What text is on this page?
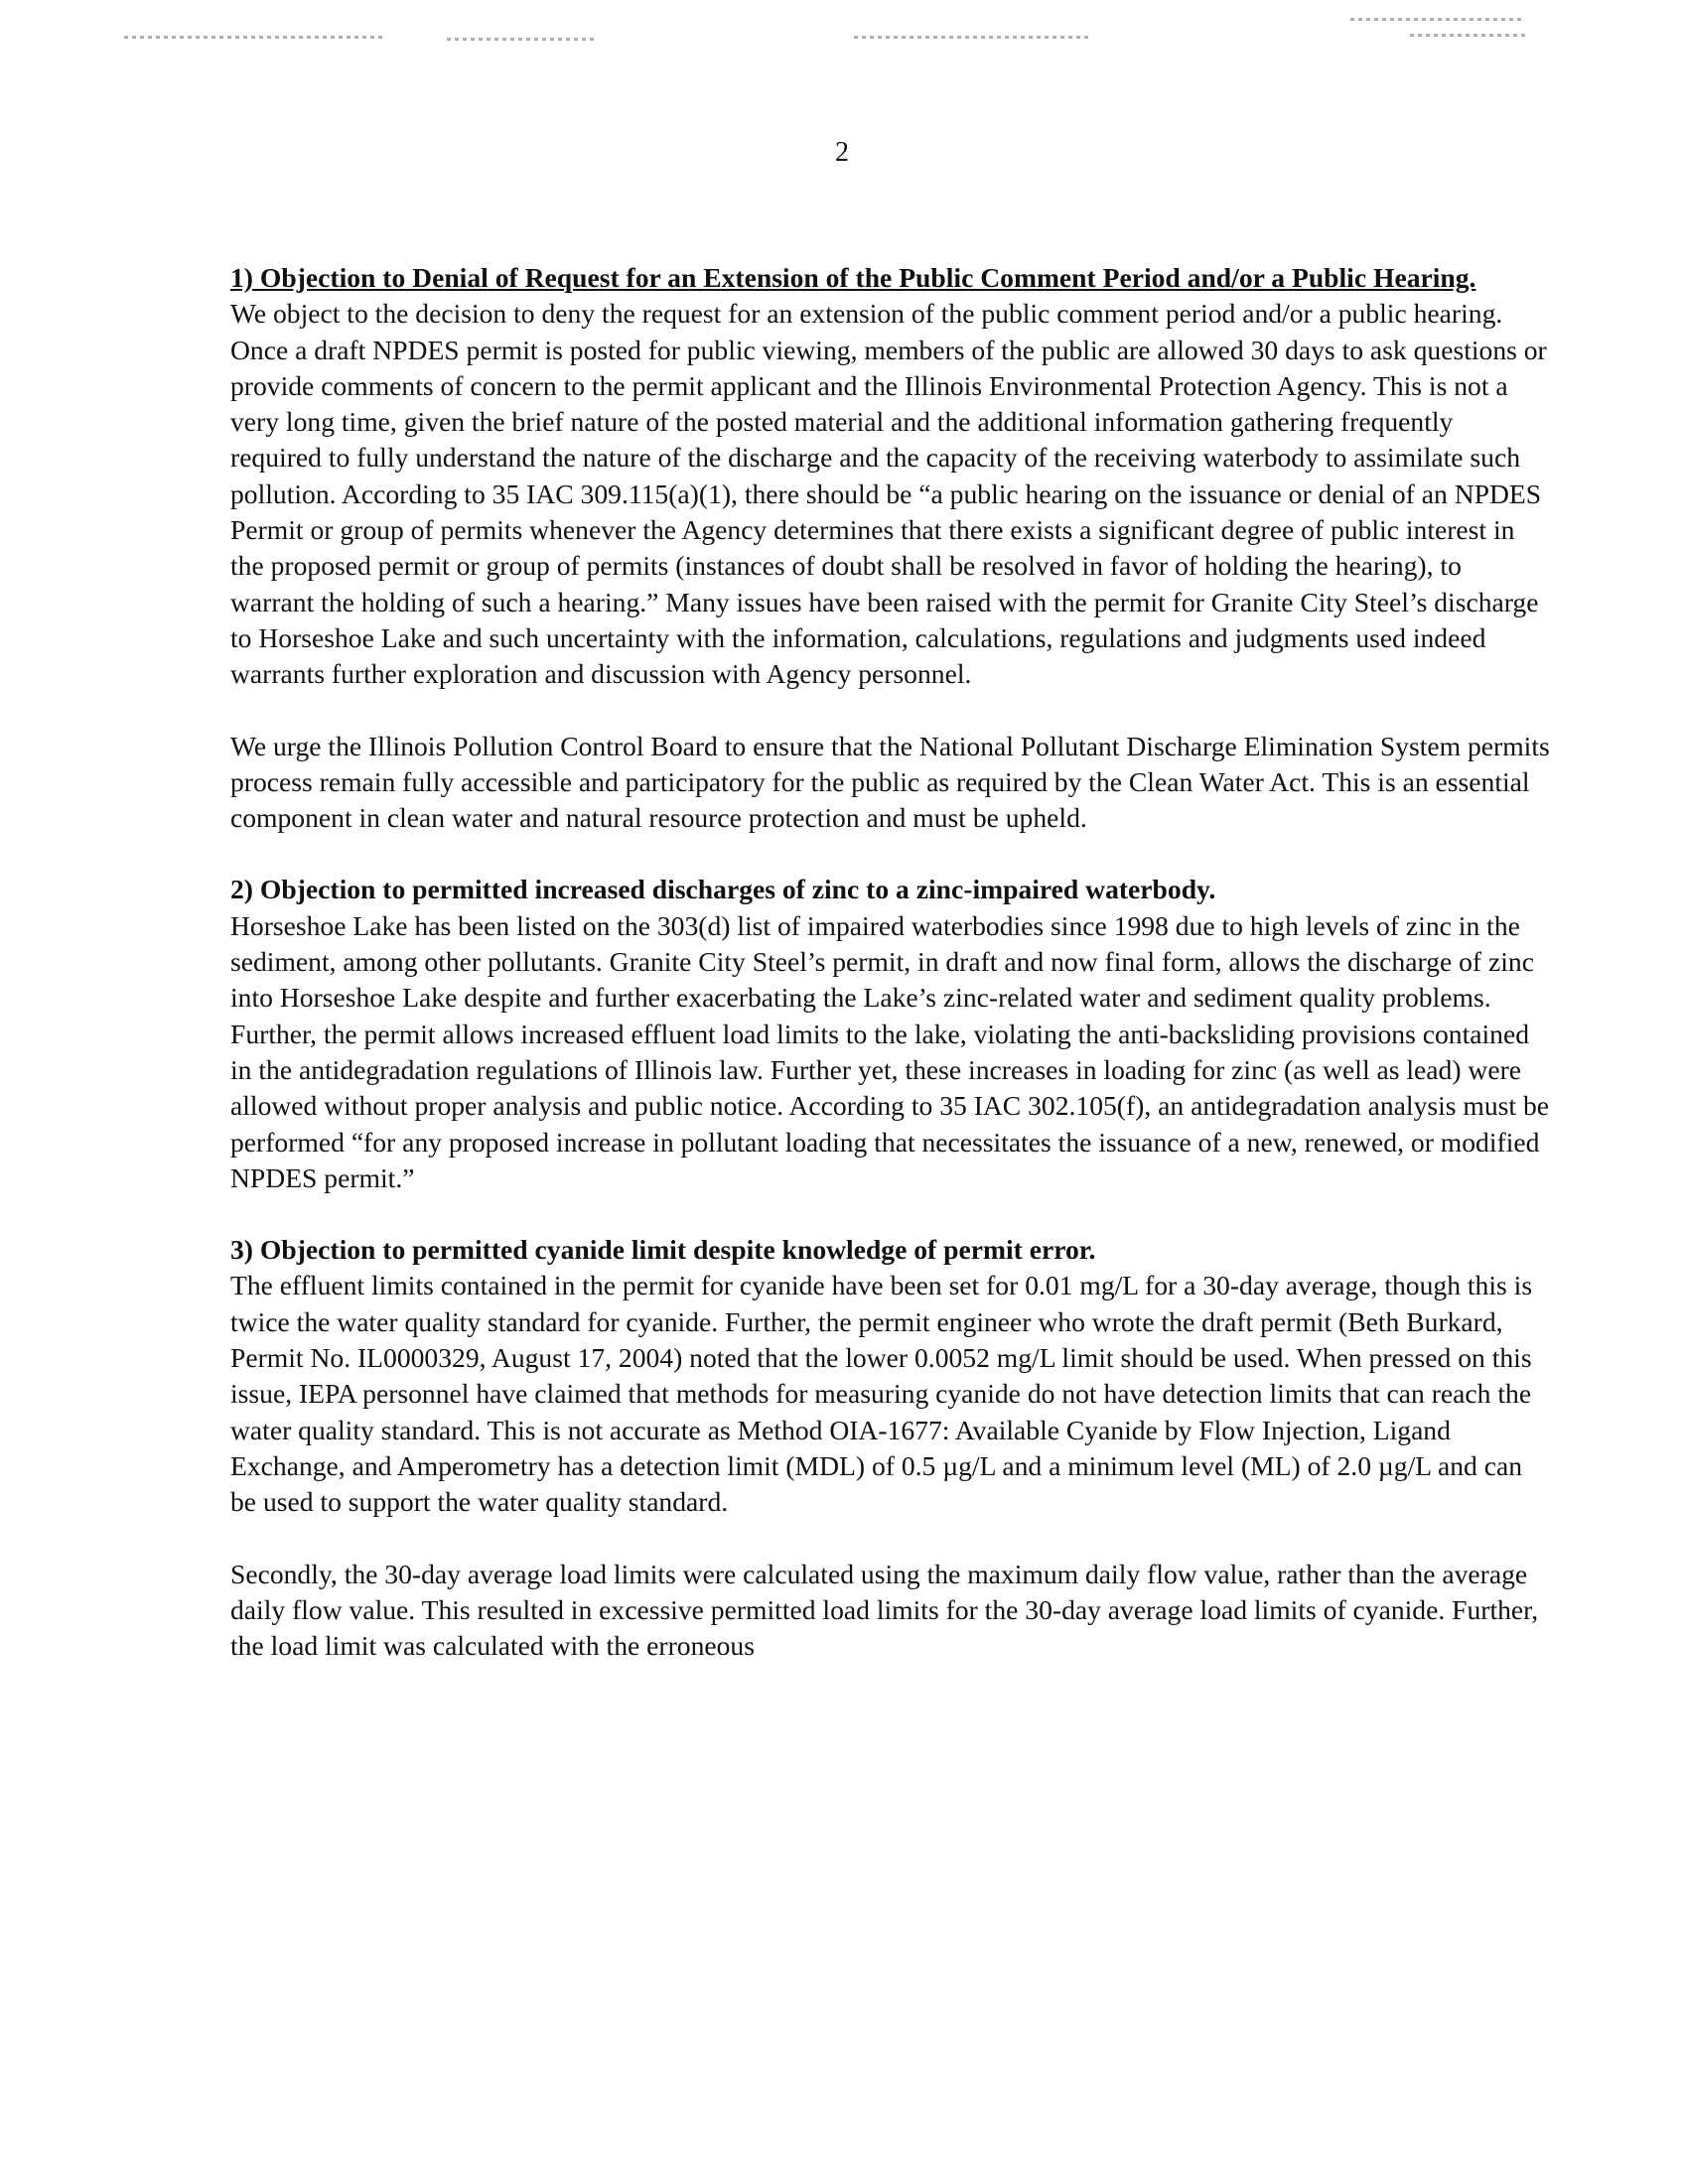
2

1) Objection to Denial of Request for an Extension of the Public Comment Period and/or a Public Hearing.

We object to the decision to deny the request for an extension of the public comment period and/or a public hearing. Once a draft NPDES permit is posted for public viewing, members of the public are allowed 30 days to ask questions or provide comments of concern to the permit applicant and the Illinois Environmental Protection Agency. This is not a very long time, given the brief nature of the posted material and the additional information gathering frequently required to fully understand the nature of the discharge and the capacity of the receiving waterbody to assimilate such pollution. According to 35 IAC 309.115(a)(1), there should be “a public hearing on the issuance or denial of an NPDES Permit or group of permits whenever the Agency determines that there exists a significant degree of public interest in the proposed permit or group of permits (instances of doubt shall be resolved in favor of holding the hearing), to warrant the holding of such a hearing.” Many issues have been raised with the permit for Granite City Steel’s discharge to Horseshoe Lake and such uncertainty with the information, calculations, regulations and judgments used indeed warrants further exploration and discussion with Agency personnel.

We urge the Illinois Pollution Control Board to ensure that the National Pollutant Discharge Elimination System permits process remain fully accessible and participatory for the public as required by the Clean Water Act. This is an essential component in clean water and natural resource protection and must be upheld.

2) Objection to permitted increased discharges of zinc to a zinc-impaired waterbody.

Horseshoe Lake has been listed on the 303(d) list of impaired waterbodies since 1998 due to high levels of zinc in the sediment, among other pollutants. Granite City Steel’s permit, in draft and now final form, allows the discharge of zinc into Horseshoe Lake despite and further exacerbating the Lake’s zinc-related water and sediment quality problems. Further, the permit allows increased effluent load limits to the lake, violating the anti-backsliding provisions contained in the antidegradation regulations of Illinois law. Further yet, these increases in loading for zinc (as well as lead) were allowed without proper analysis and public notice. According to 35 IAC 302.105(f), an antidegradation analysis must be performed “for any proposed increase in pollutant loading that necessitates the issuance of a new, renewed, or modified NPDES permit.”

3) Objection to permitted cyanide limit despite knowledge of permit error.

The effluent limits contained in the permit for cyanide have been set for 0.01 mg/L for a 30-day average, though this is twice the water quality standard for cyanide. Further, the permit engineer who wrote the draft permit (Beth Burkard, Permit No. IL0000329, August 17, 2004) noted that the lower 0.0052 mg/L limit should be used. When pressed on this issue, IEPA personnel have claimed that methods for measuring cyanide do not have detection limits that can reach the water quality standard. This is not accurate as Method OIA-1677: Available Cyanide by Flow Injection, Ligand Exchange, and Amperometry has a detection limit (MDL) of 0.5 µg/L and a minimum level (ML) of 2.0 µg/L and can be used to support the water quality standard.

Secondly, the 30-day average load limits were calculated using the maximum daily flow value, rather than the average daily flow value. This resulted in excessive permitted load limits for the 30-day average load limits of cyanide. Further, the load limit was calculated with the erroneous
